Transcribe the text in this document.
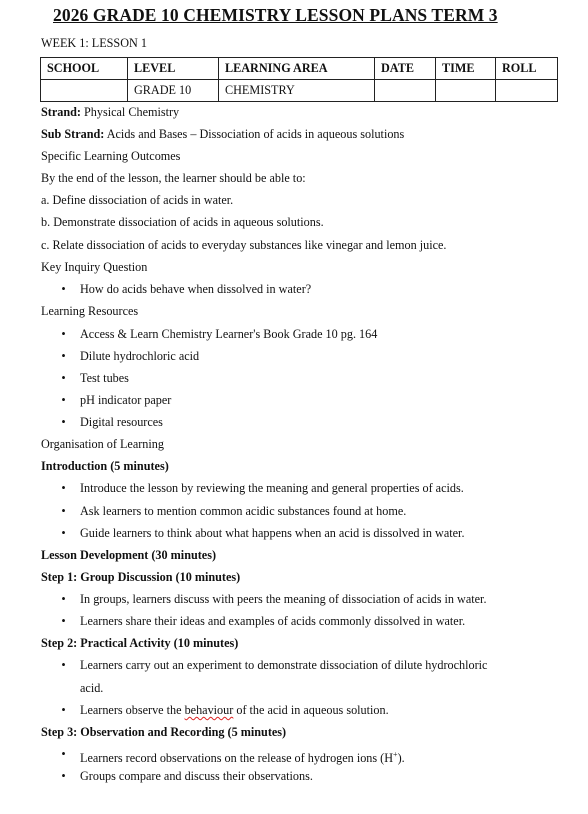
2026 GRADE 10 CHEMISTRY LESSON PLANS TERM 3
WEEK 1: LESSON 1
SCHOOL	LEVEL	LEARNING AREA	DATE	TIME	ROLL
	GRADE 10	CHEMISTRY			
Strand: Physical Chemistry
Sub Strand: Acids and Bases – Dissociation of acids in aqueous solutions
Specific Learning Outcomes
By the end of the lesson, the learner should be able to:
a. Define dissociation of acids in water.
b. Demonstrate dissociation of acids in aqueous solutions.
c. Relate dissociation of acids to everyday substances like vinegar and lemon juice.
Key Inquiry Question
• How do acids behave when dissolved in water?
Learning Resources
• Access & Learn Chemistry Learner's Book Grade 10 pg. 164
• Dilute hydrochloric acid
• Test tubes
• pH indicator paper
• Digital resources
Organisation of Learning
Introduction (5 minutes)
• Introduce the lesson by reviewing the meaning and general properties of acids.
• Ask learners to mention common acidic substances found at home.
• Guide learners to think about what happens when an acid is dissolved in water.
Lesson Development (30 minutes)
Step 1: Group Discussion (10 minutes)
• In groups, learners discuss with peers the meaning of dissociation of acids in water.
• Learners share their ideas and examples of acids commonly dissolved in water.
Step 2: Practical Activity (10 minutes)
• Learners carry out an experiment to demonstrate dissociation of dilute hydrochloric
acid.
• Learners observe the behaviour of the acid in aqueous solution.
Step 3: Observation and Recording (5 minutes)
• Learners record observations on the release of hydrogen ions (H+).
• Groups compare and discuss their observations.
